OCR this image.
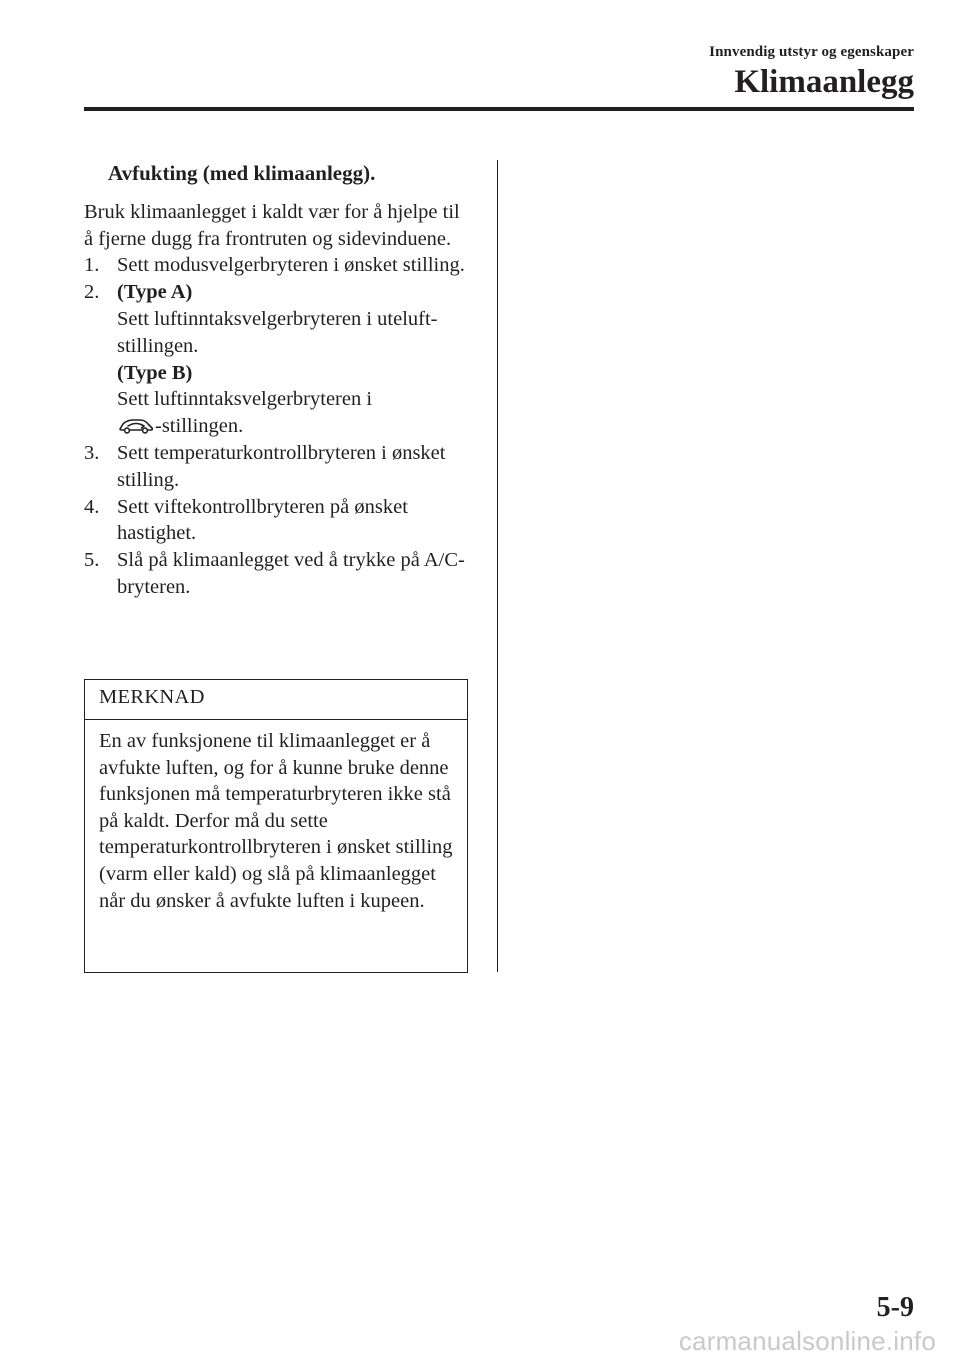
Innvendig utstyr og egenskaper
Klimaanlegg
Avfukting (med klimaanlegg).

Bruk klimaanlegget i kaldt vær for å hjelpe til å fjerne dugg fra frontruten og sidevinduene.

1. Sett modusvelgerbryteren i ønsket stilling.
2. (Type A)
Sett luftinntaksvelgerbryteren i uteluft-stillingen.
(Type B)
Sett luftinntaksvelgerbryteren i
-stillingen.
3. Sett temperaturkontrollbryteren i ønsket stilling.
4. Sett viftekontrollbryteren på ønsket hastighet.
5. Slå på klimaanlegget ved å trykke på A/C-bryteren.
MERKNAD
En av funksjonene til klimaanlegget er å avfukte luften, og for å kunne bruke denne funksjonen må temperaturbryteren ikke stå på kaldt. Derfor må du sette temperaturkontrollbryteren i ønsket stilling (varm eller kald) og slå på klimaanlegget når du ønsker å avfukte luften i kupeen.
5-9
carmanualsonline.info
